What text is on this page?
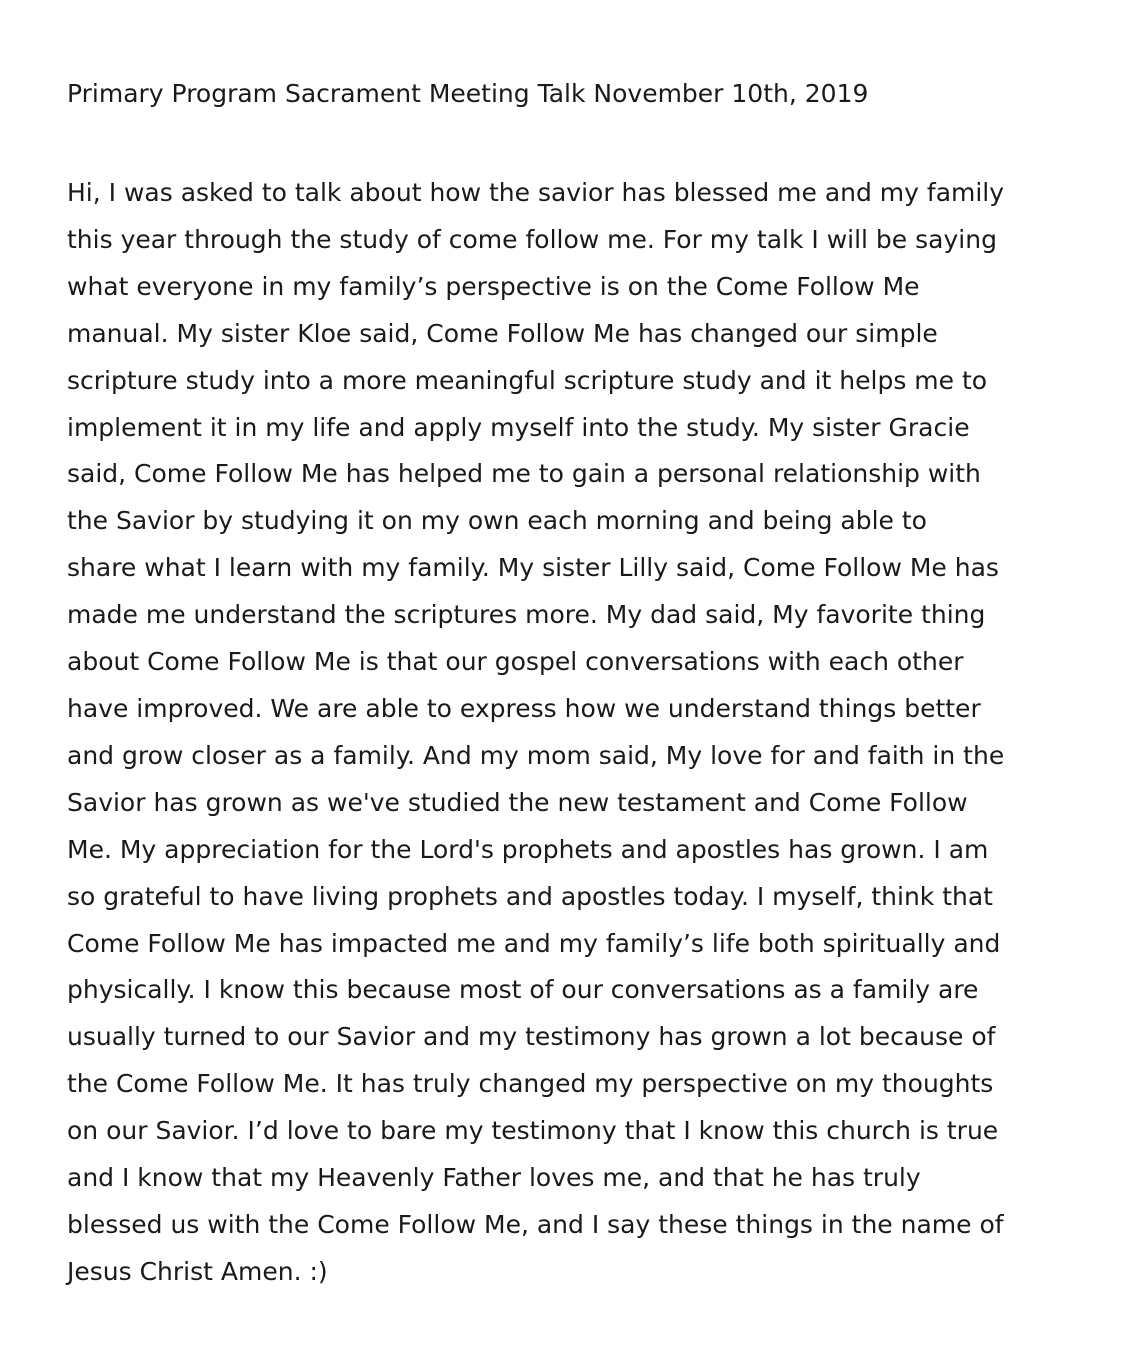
Primary Program Sacrament Meeting Talk November 10th, 2019
Hi, I was asked to talk about how the savior has blessed me and my family
this year through the study of come follow me. For my talk I will be saying
what everyone in my family’s perspective is on the Come Follow Me
manual. My sister Kloe said, Come Follow Me has changed our simple
scripture study into a more meaningful scripture study and it helps me to
implement it in my life and apply myself into the study. My sister Gracie
said, Come Follow Me has helped me to gain a personal relationship with
the Savior by studying it on my own each morning and being able to
share what I learn with my family. My sister Lilly said, Come Follow Me has
made me understand the scriptures more. My dad said, My favorite thing
about Come Follow Me is that our gospel conversations with each other
have improved. We are able to express how we understand things better
and grow closer as a family. And my mom said, My love for and faith in the
Savior has grown as we've studied the new testament and Come Follow
Me. My appreciation for the Lord's prophets and apostles has grown. I am
so grateful to have living prophets and apostles today. I myself, think that
Come Follow Me has impacted me and my family’s life both spiritually and
physically. I know this because most of our conversations as a family are
usually turned to our Savior and my testimony has grown a lot because of
the Come Follow Me. It has truly changed my perspective on my thoughts
on our Savior. I’d love to bare my testimony that I know this church is true
and I know that my Heavenly Father loves me, and that he has truly
blessed us with the Come Follow Me, and I say these things in the name of
Jesus Christ Amen. :)
